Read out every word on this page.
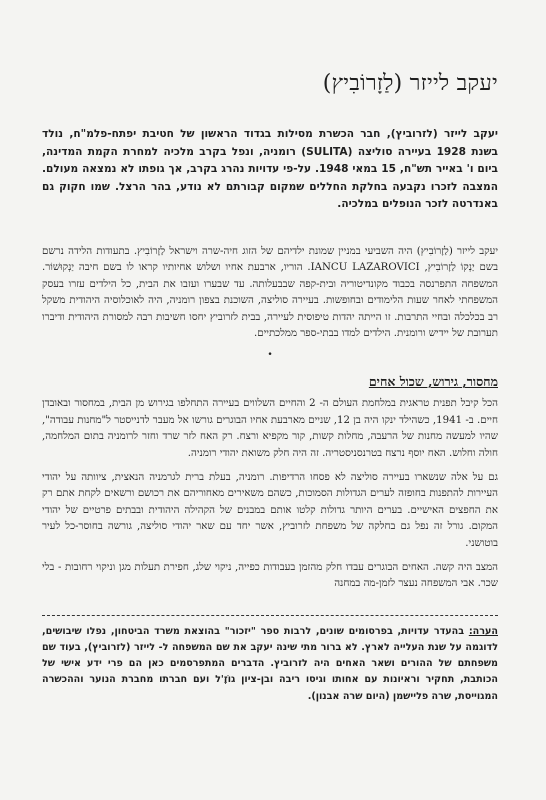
יעקב לייזר (לַזָרוֹבִיץ)

יעקב לייזר (לזרוביץ), חבר הכשרת מסילות בגדוד הראשון של חטיבת יפתח-פלמ"ח, נולד בשנת 1928 בעיירה סוליצה (SULITA) רומניה, ונפל בקרב מלכיה למחרת הקמת המדינה, ביום ו' באייר תש"ח, 15 במאי 1948. על-פי עדויות נהרג בקרב, אך גופתו לא נמצאה מעולם. המצבה לזכרו נקבעה בחלקת החללים שמקום קבורתם לא נודע, בהר הרצל. שמו חקוק גם באנדרטה לזכר הנופלים במלכיה.

יעקב לייזר (לַזָרוֹבִיץ) היה השביעי במניין שמונת ילדיהם של הזוג חיה-שרה וישראל לַזָרוֹבִיץ. בתעודות הלידה נרשם בשם יַנְקוֹ לַזָרוֹבִיץ, IANCU LAZAROVICI. הוריו, ארבעת אחיו ושלוש אחיותיו קראו לו בשם חיבה יַנְקוּשׁוֹר. המשפחה התפרנסה בכבוד מקונדיטוריה ובית-קפה שבבעלותה. עד שבערו ועזבו את הבית, כל הילדים עזרו בעסק המשפחתי לאחר שעות הלימודים ובחופשות. בעיירה סוליצה, השוכנת בצפון רומניה, היה לאוכלוסיה היהודית משקל רב בכלכלה ובחיי התרבות. זו הייתה יהדות טיפוסית לעיירה, בבית לזרוביץ יחסו חשיבות רבה למסורת היהודית ודיברו תערובת של יידיש ורומנית. הילדים למדו בבתי-ספר ממלכתיים.

•
מחסור, גירוש, שכול אחים

הכל קיבל תפנית טראגית במלחמת העולם ה- 2 והחיים השלווים בעיירה התחלפו בגירוש מן הבית, במחסור ובאובדן חיים. ב- 1941, כשהילד ינקו היה בן 12, שניים מארבעת אחיו הבוגרים גורשו אל מעבר לדנייסטר ל"מחנות עבודה", שהיו למעשה מחנות של הרעבה, מחלות קשות, קור מקפיא ורצח. רק האח לזר שרד וחזר לרומניה בתום המלחמה, חולה וחלוש. האח יוסף נרצח בטרנסניסטריה. זה היה חלק משואת יהודי רומניה.

גם על אלה שנשארו בעיירה סוליצה לא פסחו הרדיפות. רומניה, בעלת ברית לגרמניה הנאצית, ציוותה על יהודי העיירות להתפנות בחופזה לערים הגדולות הסמוכות, כשהם משאירים מאחוריהם את רכושם ורשאים לקחת אתם רק את החפצים האישיים. בערים היותר גדולות קלטו אותם במבנים של הקהילה היהודית ובבתים פרטיים של יהודי המקום. גורל זה נפל גם בחלקה של משפחת לזרוביץ, אשר יחד עם שאר יהודי סוליצה, גורשה בחוסר-כל לעיר בוטושני.

המצב היה קשה. האחים הבוגרים עבדו חלק מהזמן בעבודות כפייה, ניקוי שלג, חפירת תעלות מגן וניקוי רחובות - בלי שכר. אבי המשפחה נעצר לזמן-מה במחנה

הערה: בהעדר עדויות, בפרסומים שונים, לרבות ספר "יזכור" בהוצאת משרד הביטחון, נפלו שיבושים, לדוגמה על שנת העלייה לארץ. לא ברור מתי שינה יעקב את שם המשפחה ל- לייזר (לזרוביץ), בעוד שם משפחתם של ההורים ושאר האחים היה לזרוביץ. הדברים המתפרסמים כאן הם פרי ידע אישי של הכותבת, תחקיר וראיונות עם אחותו וגיסו ריבה ובן-ציון גוֹזֶ'ל ועם חברתו מחברת הנוער וההכשרה המגוייסת, שרה פליישמן (היום שרה אבנון).
